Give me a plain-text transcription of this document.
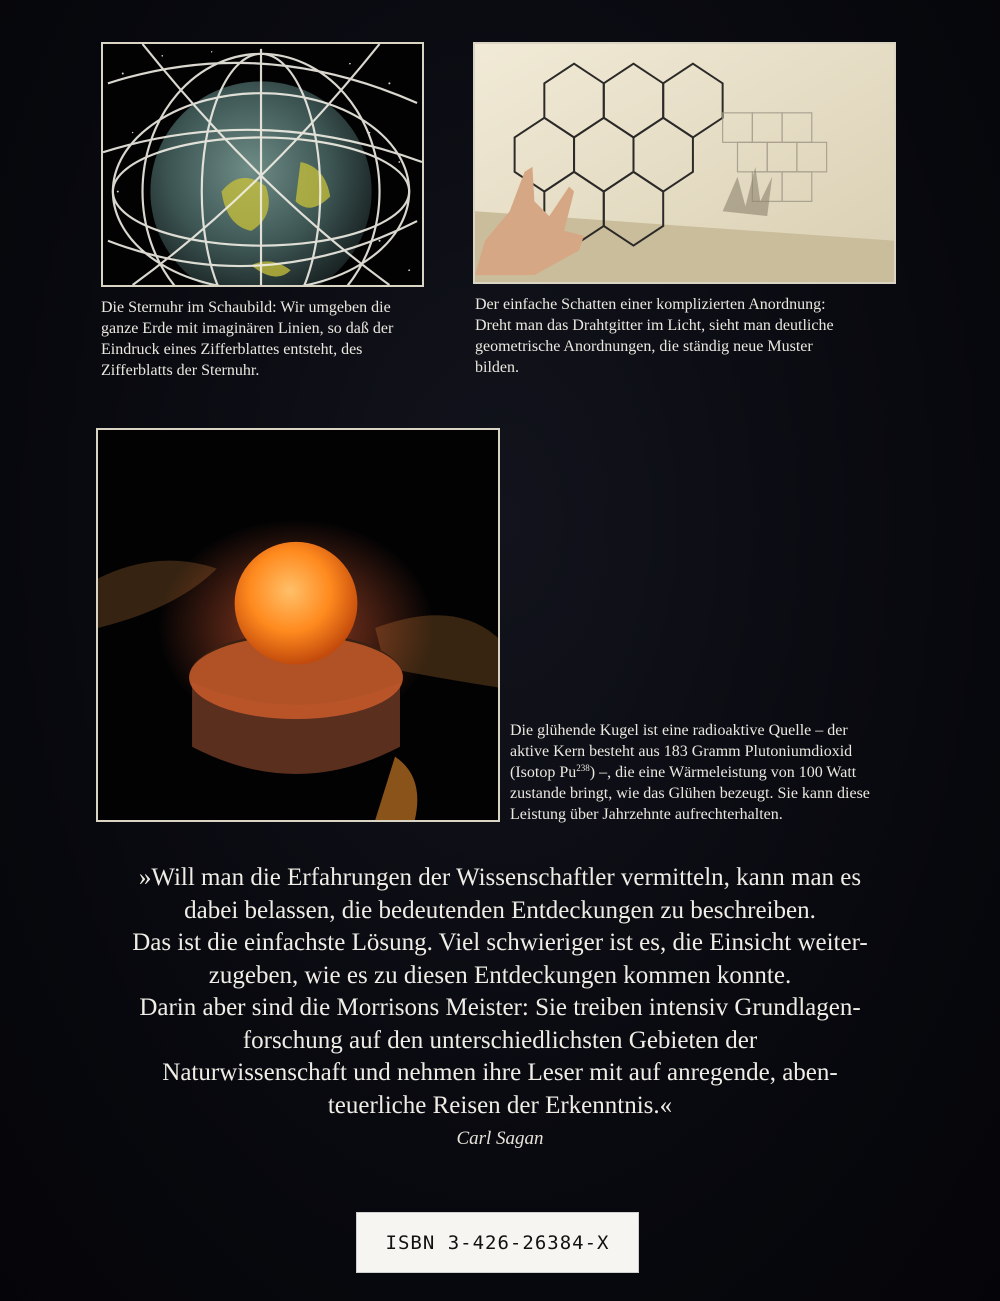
Die Sternuhr im Schaubild: Wir umgeben die

ganze Erde mit imaginären Linien, so daß der

Eindruck eines Zifferblattes entsteht, des

Zifferblatts der Sternuhr.

Der einfache Schatten einer komplizierten Anordnung:

Dreht man das Drahtgitter im Licht, sieht man deutliche

geometrische Anordnungen, die ständig neue Muster

bilden.

Die glühende Kugel ist eine radioaktive Quelle – der

aktive Kern besteht aus 183 Gramm Plutoniumdioxid

(Isotop Pu$^{238}$) –, die eine Wärmeleistung von 100 Watt

zustande bringt, wie das Glühen bezeugt. Sie kann diese

Leistung über Jahrzehnte aufrechterhalten.

»Will man die Erfahrungen der Wissenschaftler vermitteln, kann man es

dabei belassen, die bedeutenden Entdeckungen zu beschreiben.

Das ist die einfachste Lösung. Viel schwieriger ist es, die Einsicht weiter-

zugeben, wie es zu diesen Entdeckungen kommen konnte.

Darin aber sind die Morrisons Meister: Sie treiben intensiv Grundlagen-

forschung auf den unterschiedlichsten Gebieten der

Naturwissenschaft und nehmen ihre Leser mit auf anregende, aben-

teuerliche Reisen der Erkenntnis.«

Carl Sagan
ISBN 3-426-26384-X
